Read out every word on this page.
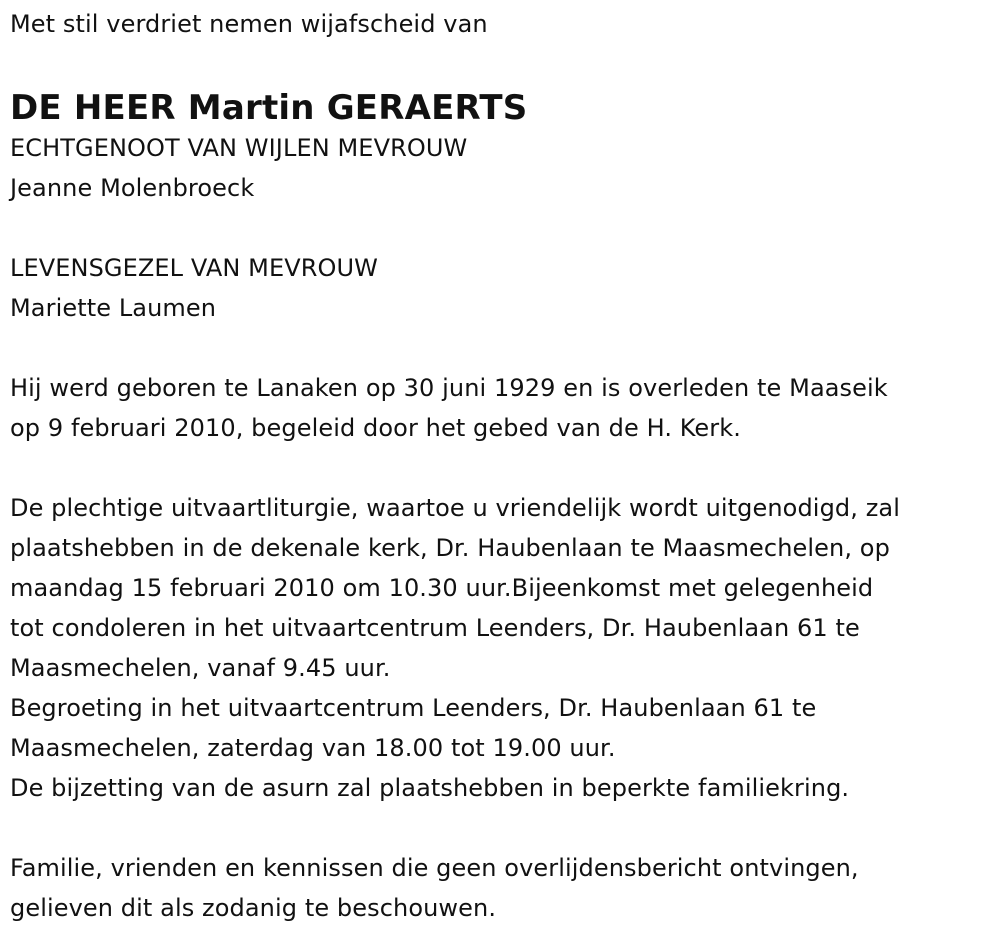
Met stil verdriet nemen wijafscheid van
DE HEER Martin GERAERTS
ECHTGENOOT VAN WIJLEN MEVROUW
Jeanne Molenbroeck
LEVENSGEZEL VAN MEVROUW
Mariette Laumen
Hij werd geboren te Lanaken op 30 juni 1929 en is overleden te Maaseik
op 9 februari 2010, begeleid door het gebed van de H. Kerk.
De plechtige uitvaartliturgie, waartoe u vriendelijk wordt uitgenodigd, zal
plaatshebben in de dekenale kerk, Dr. Haubenlaan te Maasmechelen, op
maandag 15 februari 2010 om 10.30 uur.Bijeenkomst met gelegenheid
tot condoleren in het uitvaartcentrum Leenders, Dr. Haubenlaan 61 te
Maasmechelen, vanaf 9.45 uur.
Begroeting in het uitvaartcentrum Leenders, Dr. Haubenlaan 61 te
Maasmechelen, zaterdag van 18.00 tot 19.00 uur.
De bijzetting van de asurn zal plaatshebben in beperkte familiekring.
Familie, vrienden en kennissen die geen overlijdensbericht ontvingen,
gelieven dit als zodanig te beschouwen.
